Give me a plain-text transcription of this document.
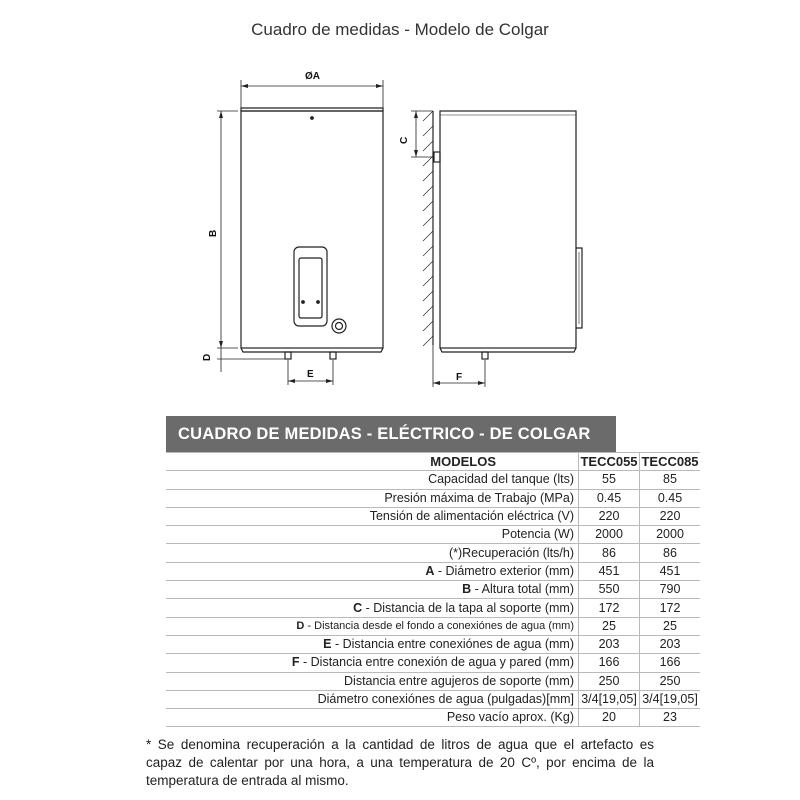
Cuadro de medidas - Modelo de Colgar
ØA
B
D
E
C
F
CUADRO DE MEDIDAS - ELÉCTRICO - DE COLGAR
MODELOS	TECC055	TECC085
Capacidad del tanque (lts)	55	85
Presión máxima de Trabajo (MPa)	0.45	0.45
Tensión de alimentación eléctrica (V)	220	220
Potencia (W)	2000	2000
(*)Recuperación (lts/h)	86	86
A - Diámetro exterior (mm)	451	451
B - Altura total (mm)	550	790
C - Distancia de la tapa al soporte (mm)	172	172
D - Distancia desde el fondo a conexiónes de agua (mm)	25	25
E - Distancia entre conexiónes de agua (mm)	203	203
F - Distancia entre conexión de agua y pared (mm)	166	166
Distancia entre agujeros de soporte (mm)	250	250
Diámetro conexiónes de agua (pulgadas)[mm]	3/4[19,05]	3/4[19,05]
Peso vacío aprox. (Kg)	20	23
* Se denomina recuperación a la cantidad de litros de agua que el artefacto es capaz de calentar por una hora, a una temperatura de 20 Cº, por encima de la temperatura de entrada al mismo.
